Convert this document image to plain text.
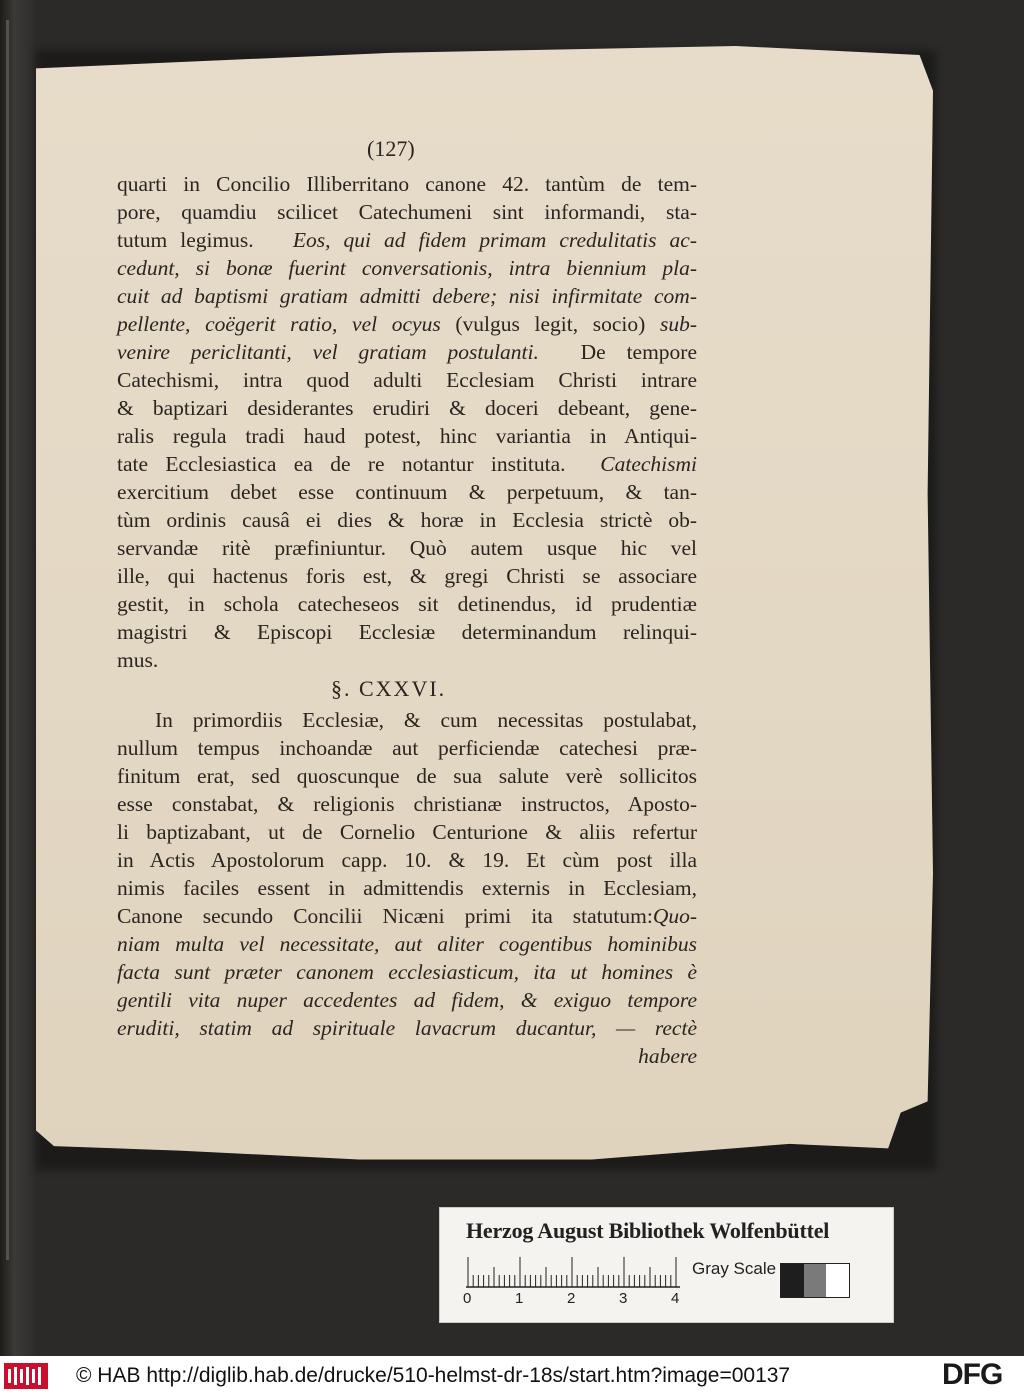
(127)
quarti in Concilio Illiberritano canone 42. tantùm de tem-
pore, quamdiu scilicet Catechumeni sint informandi, sta-
tutum legimus. Eos, qui ad fidem primam credulitatis ac-
cedunt, si bonæ fuerint conversationis, intra biennium pla-
cuit ad baptismi gratiam admitti debere; nisi infirmitate com-
pellente, coëgerit ratio, vel ocyus (vulgus legit, socio) sub-
venire periclitanti, vel gratiam postulanti. De tempore
Catechismi, intra quod adulti Ecclesiam Christi intrare
& baptizari desiderantes erudiri & doceri debeant, gene-
ralis regula tradi haud potest, hinc variantia in Antiqui-
tate Ecclesiastica ea de re notantur instituta. Catechismi
exercitium debet esse continuum & perpetuum, & tan-
tùm ordinis causâ ei dies & horæ in Ecclesia strictè ob-
servandæ ritè præfiniuntur. Quò autem usque hic vel
ille, qui hactenus foris est, & gregi Christi se associare
gestit, in schola catecheseos sit detinendus, id prudentiæ
magistri & Episcopi Ecclesiæ determinandum relinqui-
mus.
§. CXXVI.
In primordiis Ecclesiæ, & cum necessitas postulabat,
nullum tempus inchoandæ aut perficiendæ catechesi præ-
finitum erat, sed quoscunque de sua salute verè sollicitos
esse constabat, & religionis christianæ instructos, Aposto-
li baptizabant, ut de Cornelio Centurione & aliis refertur
in Actis Apostolorum capp. 10. & 19. Et cùm post illa
nimis faciles essent in admittendis externis in Ecclesiam,
Canone secundo Concilii Nicæni primi ita statutum:Quo-
niam multa vel necessitate, aut aliter cogentibus hominibus
facta sunt præter canonem ecclesiasticum, ita ut homines è
gentili vita nuper accedentes ad fidem, & exiguo tempore
eruditi, statim ad spirituale lavacrum ducantur, — rectè
habere
Herzog August Bibliothek Wolfenbüttel
0	1	2	3	4
Gray Scale
© HAB http://diglib.hab.de/drucke/510-helmst-dr-18s/start.htm?image=00137	DFG
